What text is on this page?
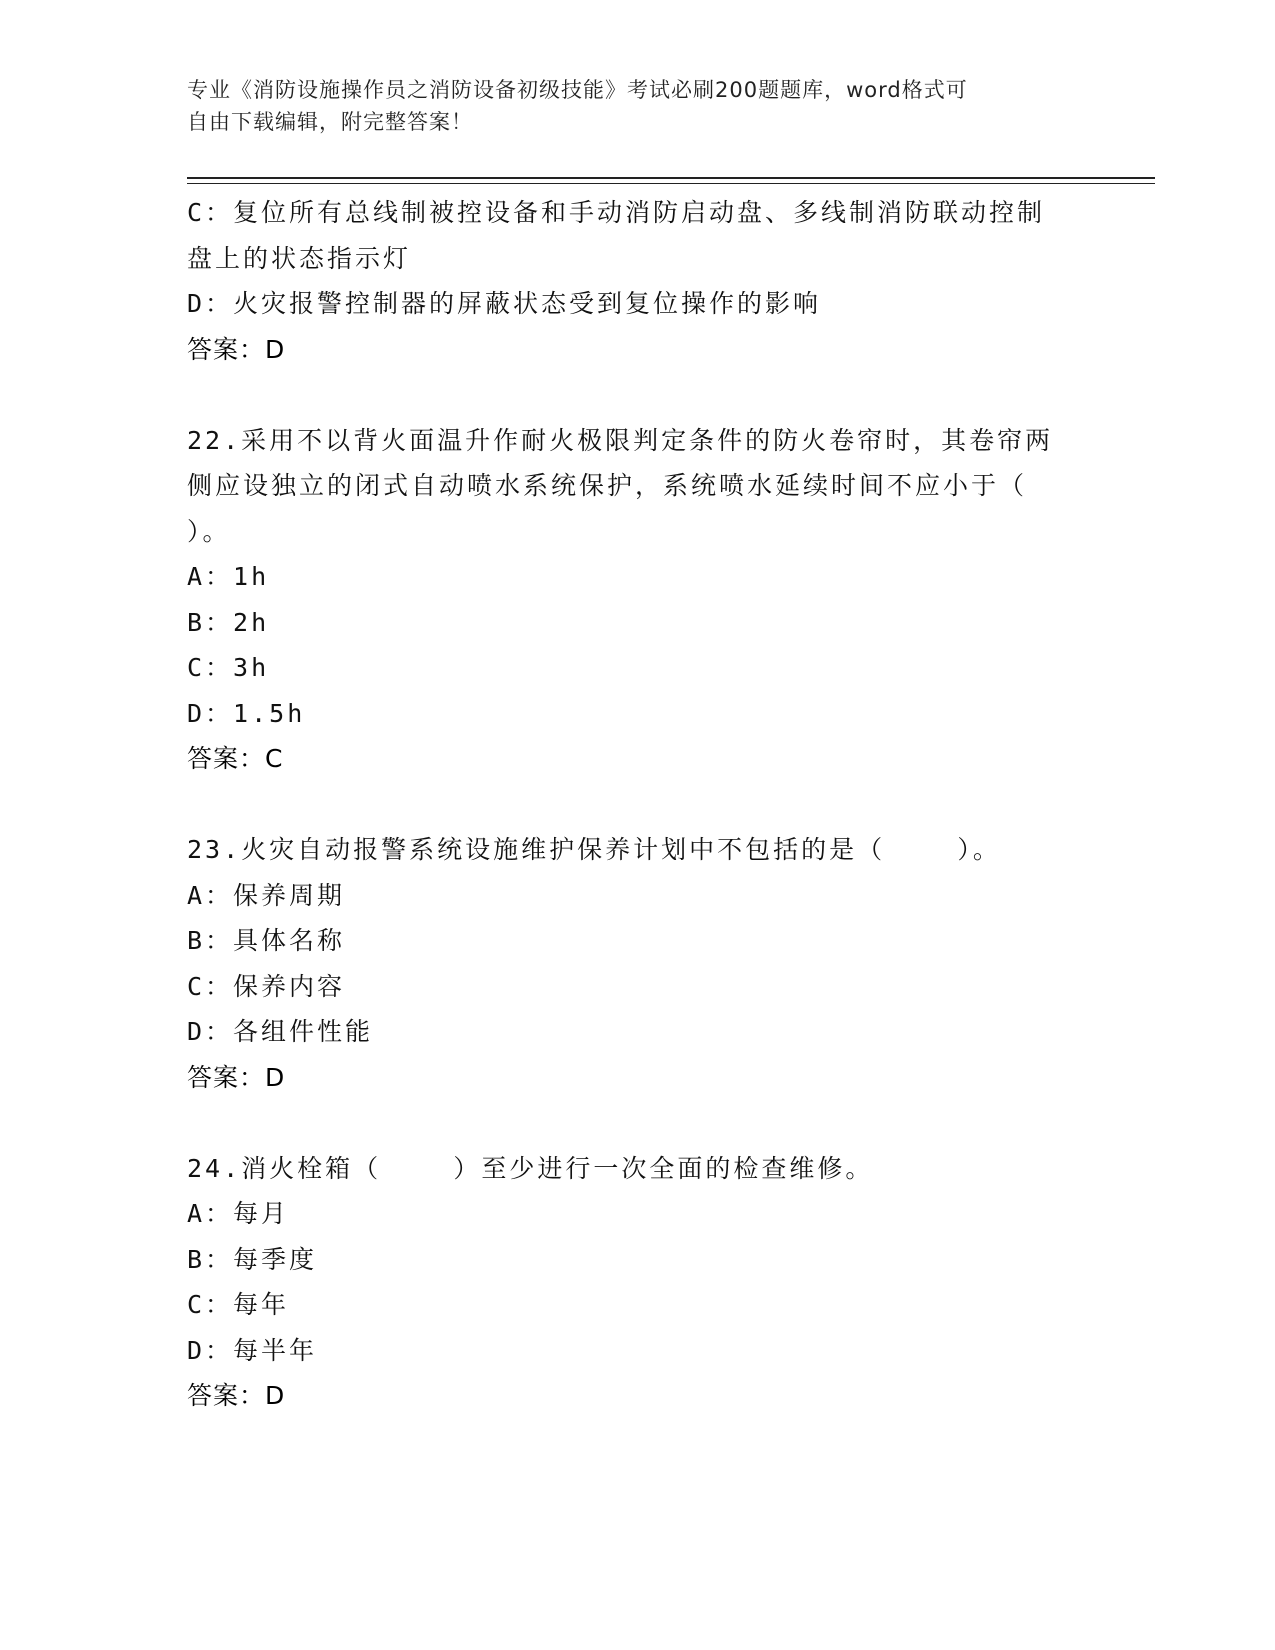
专业《消防设施操作员之消防设备初级技能》考试必刷200题题库，word格式可
自由下载编辑，附完整答案！
C：复位所有总线制被控设备和手动消防启动盘、多线制消防联动控制
盘上的状态指示灯
D：火灾报警控制器的屏蔽状态受到复位操作的影响
答案：D
22.采用不以背火面温升作耐火极限判定条件的防火卷帘时，其卷帘两
侧应设独立的闭式自动喷水系统保护，系统喷水延续时间不应小于（
）。
A：1h
B：2h
C：3h
D：1.5h
答案：C
23.火灾自动报警系统设施维护保养计划中不包括的是（    ）。
A：保养周期
B：具体名称
C：保养内容
D：各组件性能
答案：D
24.消火栓箱（    ）至少进行一次全面的检查维修。
A：每月
B：每季度
C：每年
D：每半年
答案：D
